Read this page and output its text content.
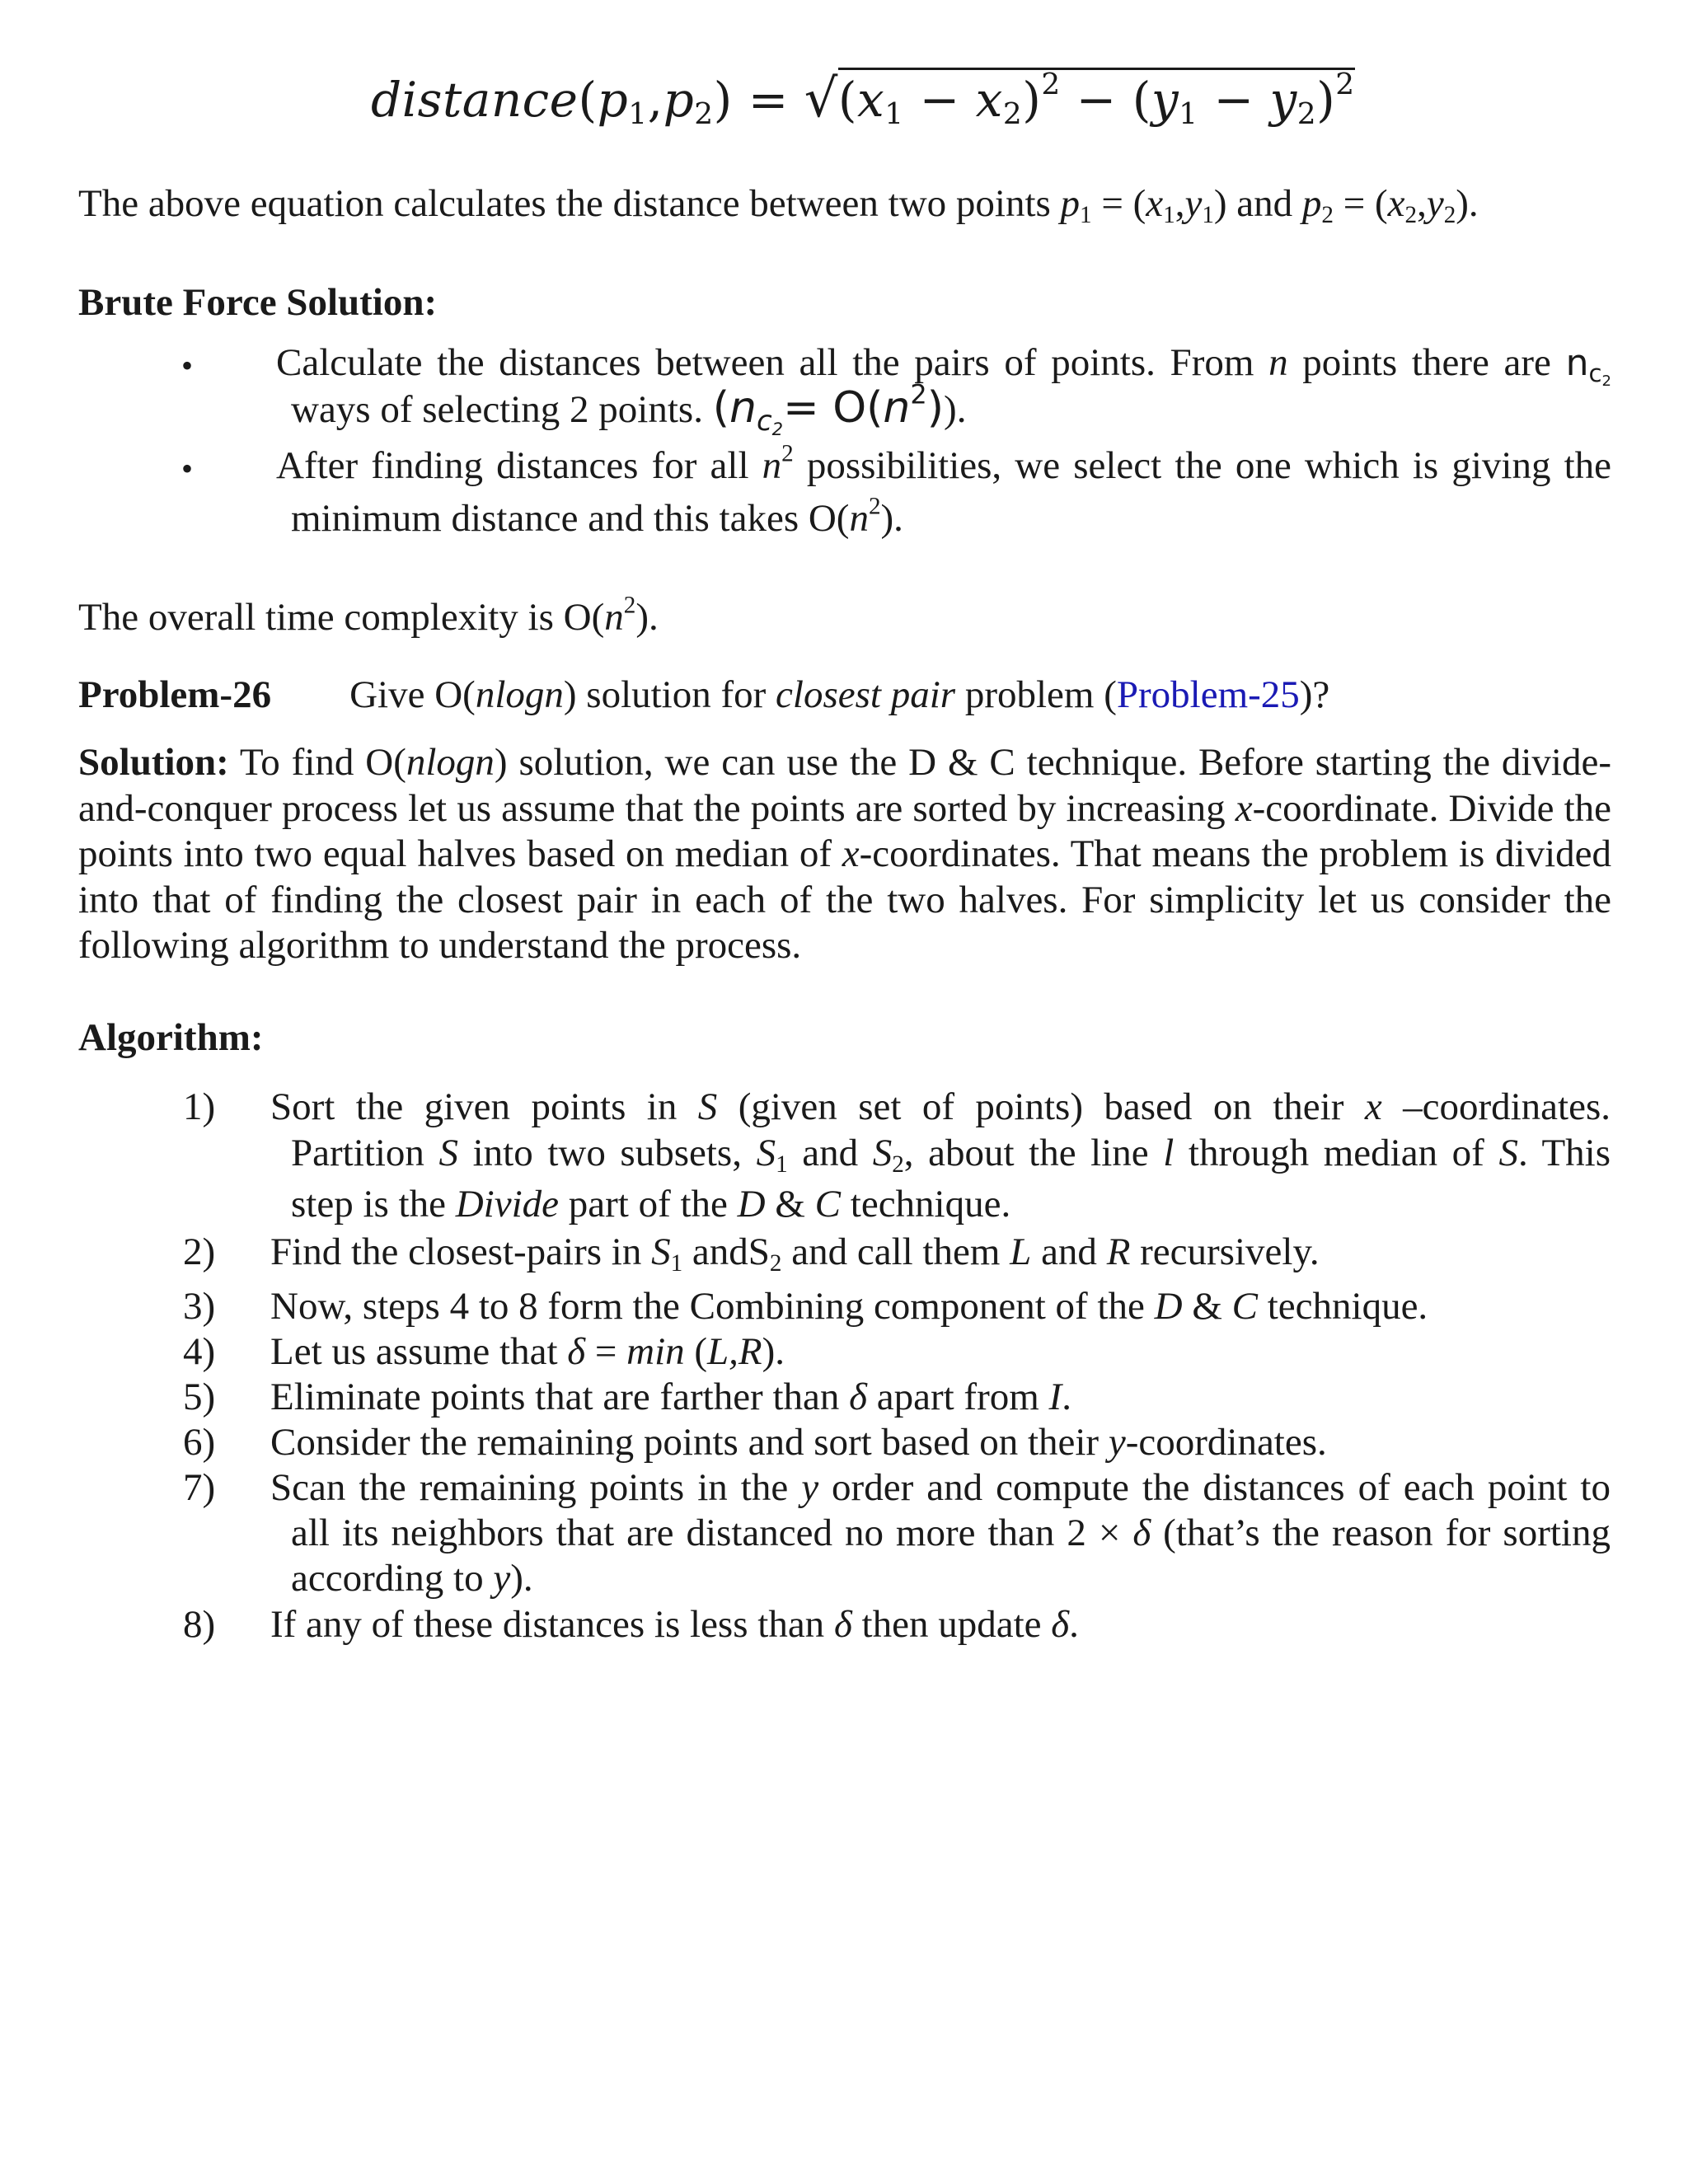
$distance(p_1,p_2) = √(x_1 - x_2)^2 - (y_1 - y_2)^2$
The above equation calculates the distance between two points $p_1 = (x_1,y_1)$ and $p_2 = (x_2,y_2)$.
Brute Force Solution:
• Calculate the distances between all the pairs of points. From n points there are $n_{c_2}$
ways of selecting 2 points. $(n_{c_2}= O(n^2))$.
• After finding distances for all $n^2$ possibilities, we select the one which is giving the
minimum distance and this takes $O(n^2)$.
The overall time complexity is $O(n^2)$.
Problem-26 Give O(nlogn) solution for closest pair problem (Problem-25)?
Solution: To find O(nlogn) solution, we can use the D & C technique. Before starting the divide-and-conquer process let us assume that the points are sorted by increasing x-coordinate. Divide the points into two equal halves based on median of x-coordinates. That means the problem is divided into that of finding the closest pair in each of the two halves. For simplicity let us consider the following algorithm to understand the process.
Algorithm:
1)
2)
3)
4)
5)
6)
7)
8)
Sort the given points in S (given set of points) based on their x –coordinates.
Partition S into two subsets, $S_1$ and $S_2$, about the line l through median of S. This
step is the Divide part of the D & C technique.
Find the closest-pairs in $S_1$ andS$_2$ and call them L and R recursively.
Now, steps 4 to 8 form the Combining component of the D & C technique.
Let us assume that δ = min (L,R).
Eliminate points that are farther than δ apart from I.
Consider the remaining points and sort based on their y-coordinates.
Scan the remaining points in the y order and compute the distances of each point to
all its neighbors that are distanced no more than 2 × δ (that’s the reason for sorting
according to y).
If any of these distances is less than δ then update δ.
